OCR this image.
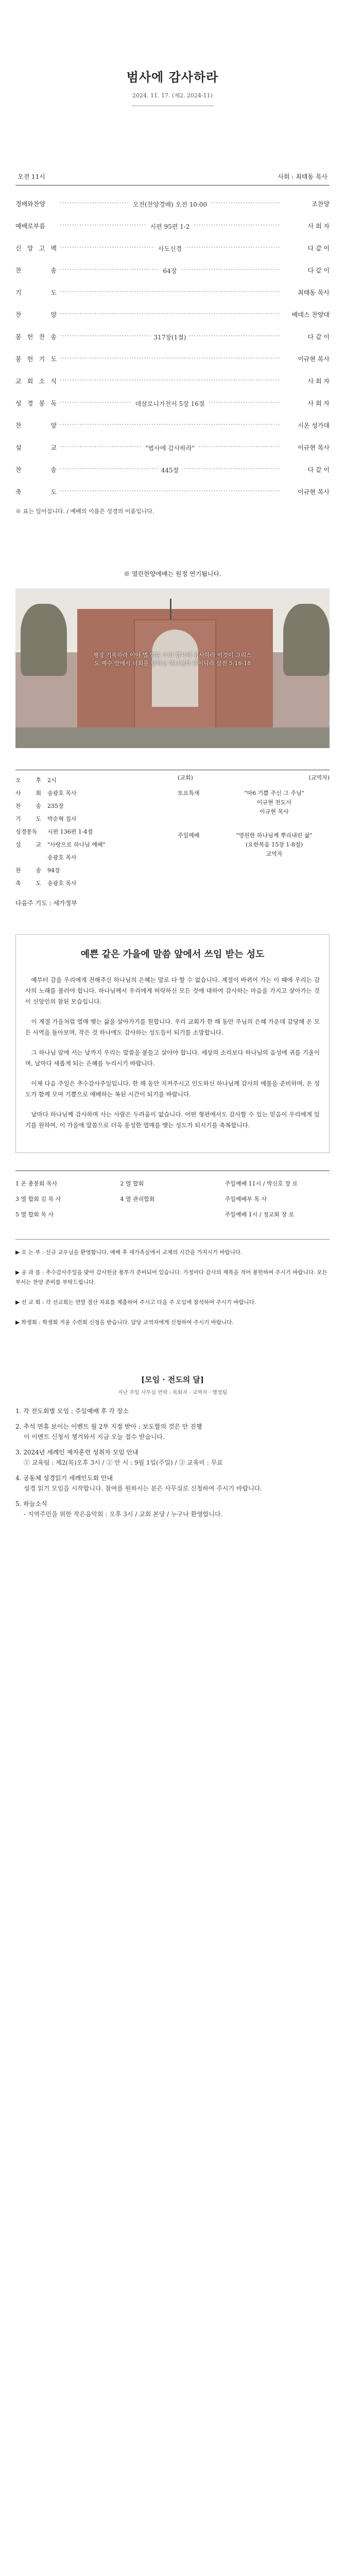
범사에 감사하라
2024. 11. 17. (제2. 2024-11)
오전 11시	사회 : 최태동 목사
경배와찬양	····· 오전(찬양경배) 오전 10:00	조찬양
예배로부름	····· 시편 95편 1-2	사 회 자
신 앙 고 백	····· 사도신경	다 같 이
찬 송	····· 64장	다 같 이
기 도 ·····	최태동 목사
찬 양 ·····	베데스 찬양대
봉 헌 찬 송	····· 317장(1절)	다 같 이
봉 헌 기 도 ·····	이규현 목사
교 회 소 식 ·····	사 회 자
성 경 봉 독	····· 데살로니가전서 5장 16절	사 회 자
찬 양 ·····	시온 성가대
설 교	····· "범사에 감사하라"	이규현 목사
찬 송	····· 445장	다 같 이
축 도 ·····	이규현 목사
※ 표는 일어섭니다. / 예배의 이름은 성경의 이름입니다.
※ 열린한양에배는 원정 연기됩니다.
행장 기록하라 이야 법 엄을 드려 범사에 감사하라 이것이 그리스도 예수 안에서 너희를 향하신 하나님의 뜻이니라 살전 5:16-18
오 후	2시
사 회	송광호 목사
찬 송	235장
기 도	박순혁 집사
성경봉독	시편 136편 1-4절
설 교	"사랑으로 하나님 예배"
송광호 목사
찬 송	94장
축 도	송광호 목사
(교회)	(교역자)
토요특새	"마6 기쁨 주신 그 주님"
이규현 전도사
이규현 목사
주일예배	"영원한 하나님께 뿌리내린 삶"
(요한복음 15장 1-8절)
교역자
다음주 기도 : 세가정부
예쁜 같은 가을에 말씀 앞에서 쓰임 받는 성도

예부터 감을 우리에게 전해주신 하나님의 은혜는 말로 다 할 수 없습니다. 계절이 바뀌어 가는 이 때에 우리는 감사의 노래를 불러야 합니다. 하나님께서 우리에게 허락하신 모든 것에 대하여 감사하는 마음을 가지고 살아가는 것이 신앙인의 참된 모습입니다.

이 계절 가을처럼 열매 맺는 삶을 살아가기를 원합니다. 우리 교회가 한 해 동안 주님의 은혜 가운데 감당해 온 모든 사역을 돌아보며, 작은 것 하나에도 감사하는 성도들이 되기를 소망합니다.

그 하나님 앞에 서는 날까지 우리는 말씀을 붙들고 살아야 합니다. 세상의 소리보다 하나님의 음성에 귀를 기울이며, 날마다 새롭게 되는 은혜를 누리시기 바랍니다.

이제 다음 주일은 추수감사주일입니다. 한 해 동안 지켜주시고 인도하신 하나님께 감사의 예물을 준비하며, 온 성도가 함께 모여 기쁨으로 예배하는 복된 시간이 되기를 바랍니다.

날마다 하나님께 감사하며 사는 사람은 두려움이 없습니다. 어떤 형편에서도 감사할 수 있는 믿음이 우리에게 있기를 원하며, 이 가을에 말씀으로 더욱 풍성한 열매를 맺는 성도가 되시기를 축복합니다.

1 온 총봉회 목사	2 열 합회	주일예배 11시 / 박신호 장 로
3 열 합회 김 목 사	4 열 관리합회	주일예배부 목 사
5 열 합회 목 사	주일예배 1시 / 정교회 장 로

▶ 오 는 부 : 신규 교우님을 환영합니다. 예배 후 새가족실에서 교제의 시간을 가지시기 바랍니다.

▶ 공 과 를 : 추수감사주일을 맞아 감사헌금 봉투가 준비되어 있습니다. 가정마다 감사의 제목을 적어 봉헌하여 주시기 바랍니다. 모든 부서는 찬양 준비를 부탁드립니다.

▶ 선 교 회 : 각 선교회는 연말 결산 자료를 제출하여 주시고 다음 주 모임에 참석하여 주시기 바랍니다.

▶ 학생회 : 학생회 겨울 수련회 신청을 받습니다. 담당 교역자에게 신청하여 주시기 바랍니다.

[모임 · 전도의 달]
지난 주일 사무실 연락 : 목회자 · 교역자 · 행정팀
1. 각 전도회별 모임 : 주일예배 후 각 장소
2. 추석 연휴 보이는 이벤트 월 2부 지정 받아 : 보도할의 것은 안 진행
이 이벤트 신청서 챙겨와서 지금 오늘 접수 받습니다.
3. 2024년 세례인 제자훈련 성취자 모임 안내
① 교육팀 : 제2(목)오후 3시 / ② 안 시 : 9월 1일(주일) / ③ 교육비 : 무료
4. 공동체 성경읽기 세례인도회 안내
성경 읽기 모임을 시작합니다. 참여를 원하시는 분은 사무실로 신청하여 주시기 바랍니다.
5. 하늘소식
- 지역주민을 위한 작은음악회 : 오후 3시 / 교회 본당 / 누구나 환영합니다.
